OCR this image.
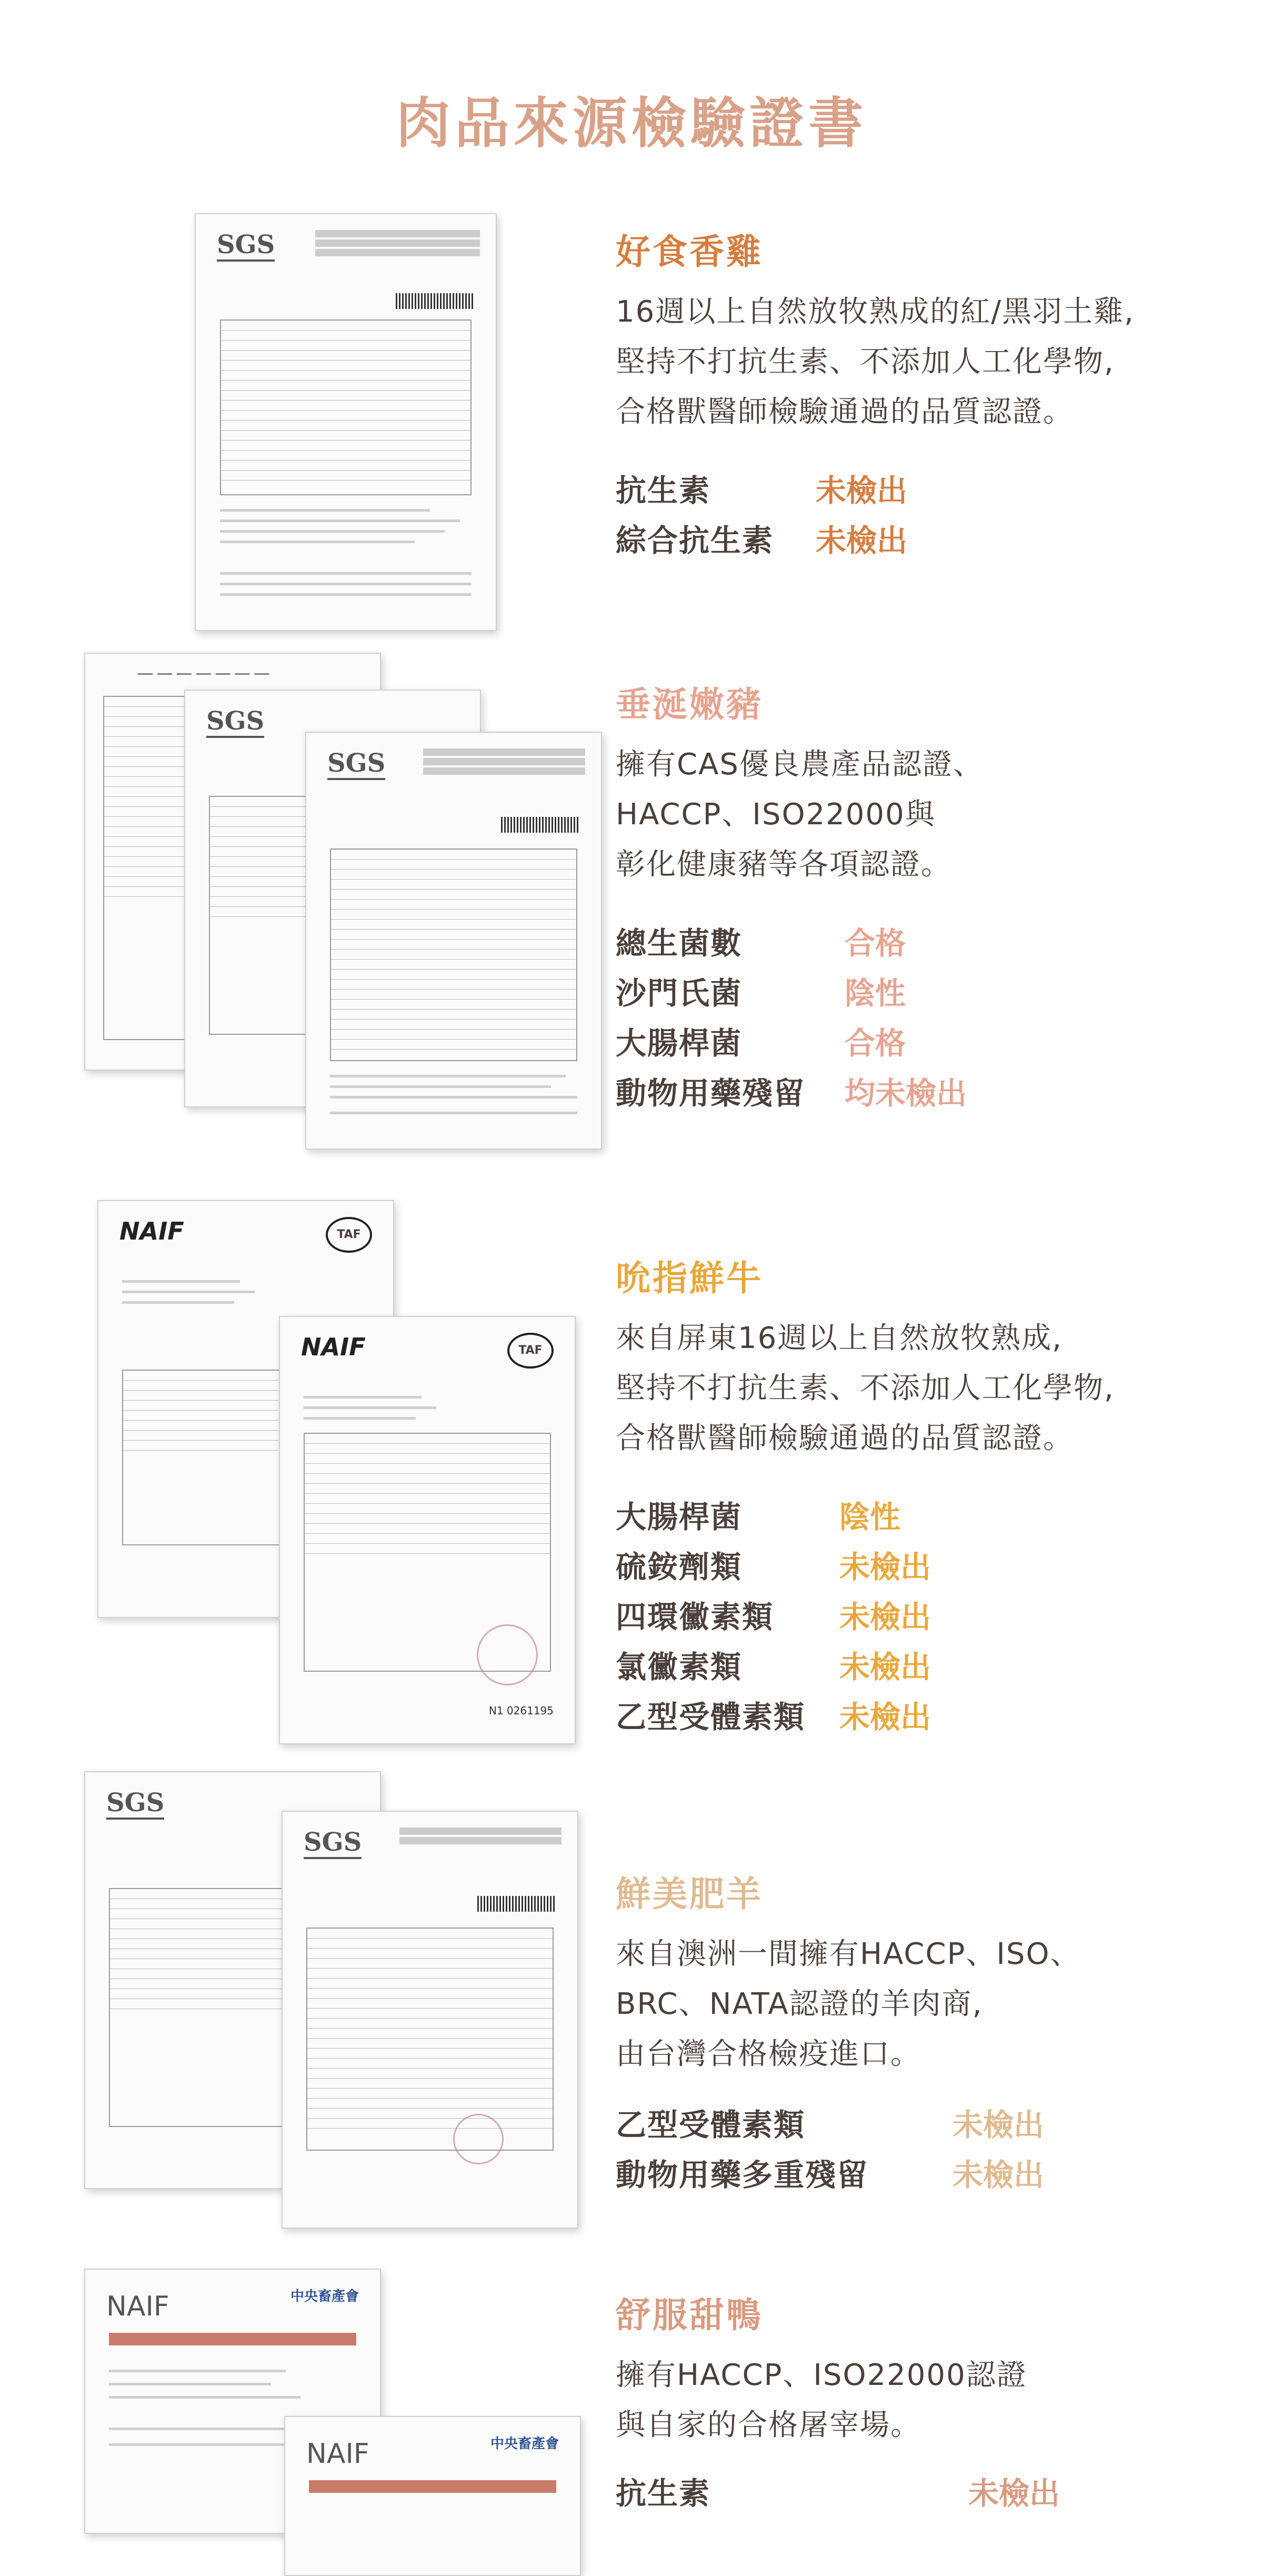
肉品來源檢驗證書
SGS	好食香雞
16週以上自然放牧熟成的紅/黑羽土雞,
堅持不打抗生素、不添加人工化學物,
合格獸醫師檢驗通過的品質認證。
抗生素	未檢出
綜合抗生素 未檢出
― ― ― ― ― ― ―
SGS
SGS
垂涎嫩豬
擁有CAS優良農產品認證、
HACCP、ISO22000與
彰化健康豬等各項認證。
總生菌數	合格
沙門氏菌	陰性
大腸桿菌	合格
動物用藥殘留 均未檢出
NAIF	TAF
NAIF	TAF
N1 0261195
吮指鮮牛
來自屏東16週以上自然放牧熟成,
堅持不打抗生素、不添加人工化學物,
合格獸醫師檢驗通過的品質認證。
大腸桿菌	陰性
硫銨劑類	未檢出
四環黴素類 未檢出
氯黴素類	未檢出
乙型受體素類 未檢出
SGS
SGS
鮮美肥羊
來自澳洲一間擁有HACCP、ISO、
BRC、NATA認證的羊肉商,
由台灣合格檢疫進口。
乙型受體素類	未檢出
動物用藥多重殘留	未檢出
NAIF	中央畜產會
NAIF	中央畜產會
舒服甜鴨
擁有HACCP、ISO22000認證
與自家的合格屠宰場。
抗生素	未檢出
